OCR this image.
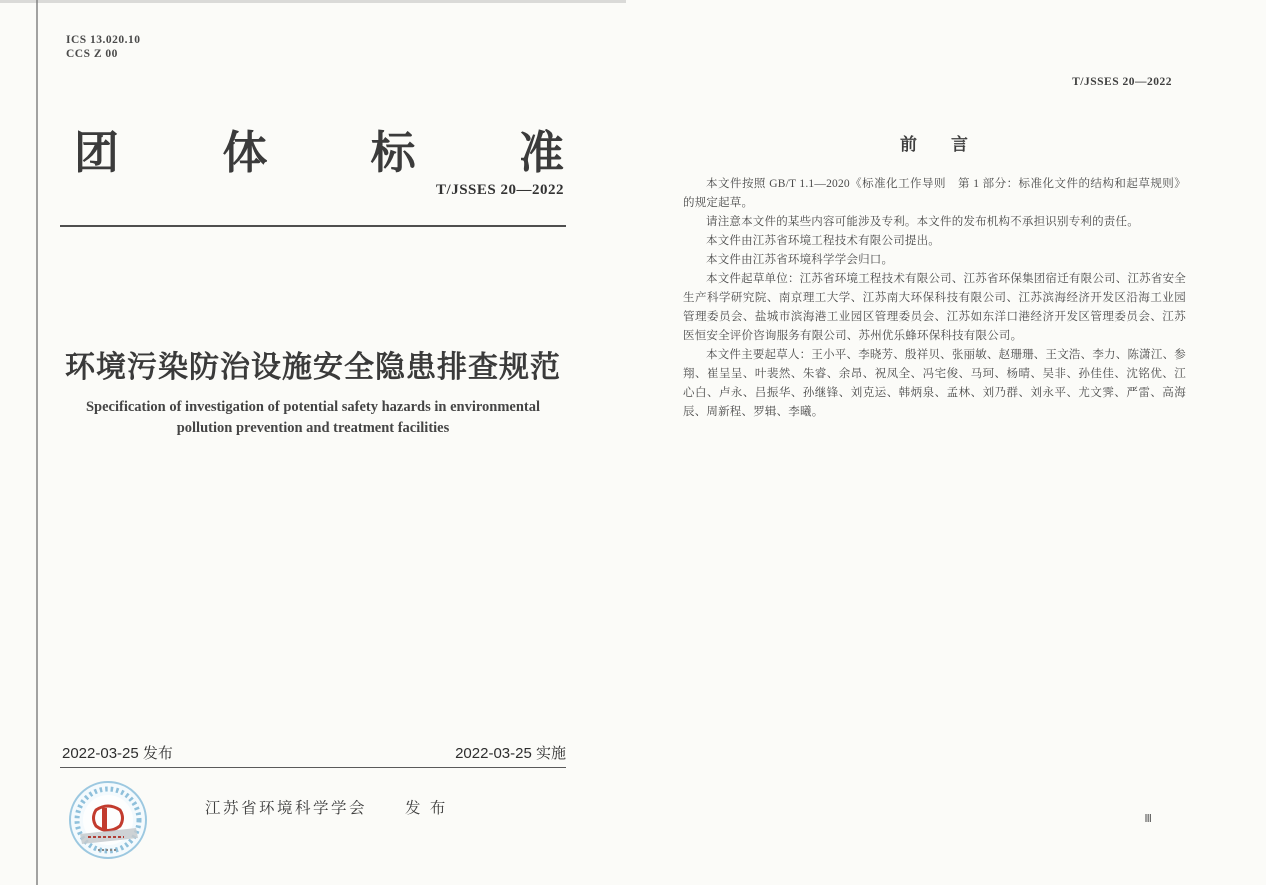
ICS 13.020.10
CCS Z 00
团 体 标 准
T/JSSES 20—2022
环境污染防治设施安全隐患排查规范

Specification of investigation of potential safety hazards in environmental
pollution prevention and treatment facilities

2022-03-25 发布	2022-03-25 实施
江苏省环境科学学会 发 布
T/JSSES 20—2022
前　　言

本文件按照 GB/T 1.1—2020《标准化工作导则　第 1 部分：标准化文件的结构和起草规则》的规定起草。

请注意本文件的某些内容可能涉及专利。本文件的发布机构不承担识别专利的责任。

本文件由江苏省环境工程技术有限公司提出。

本文件由江苏省环境科学学会归口。

本文件起草单位：江苏省环境工程技术有限公司、江苏省环保集团宿迁有限公司、江苏省安全生产科学研究院、南京理工大学、江苏南大环保科技有限公司、江苏滨海经济开发区沿海工业园管理委员会、盐城市滨海港工业园区管理委员会、江苏如东洋口港经济开发区管理委员会、江苏医恒安全评价咨询服务有限公司、苏州优乐蜂环保科技有限公司。

本文件主要起草人：王小平、李晓芳、殷祥贝、张丽敏、赵珊珊、王文浩、李力、陈潇江、参翔、崔呈呈、叶裴然、朱睿、余昂、祝凤全、冯宅俊、马珂、杨晴、吴非、孙佳佳、沈铭优、江心白、卢永、吕振华、孙继锋、刘克运、韩炳泉、孟林、刘乃群、刘永平、尤文霁、严雷、高海辰、周新程、罗辑、李曦。

Ⅲ
